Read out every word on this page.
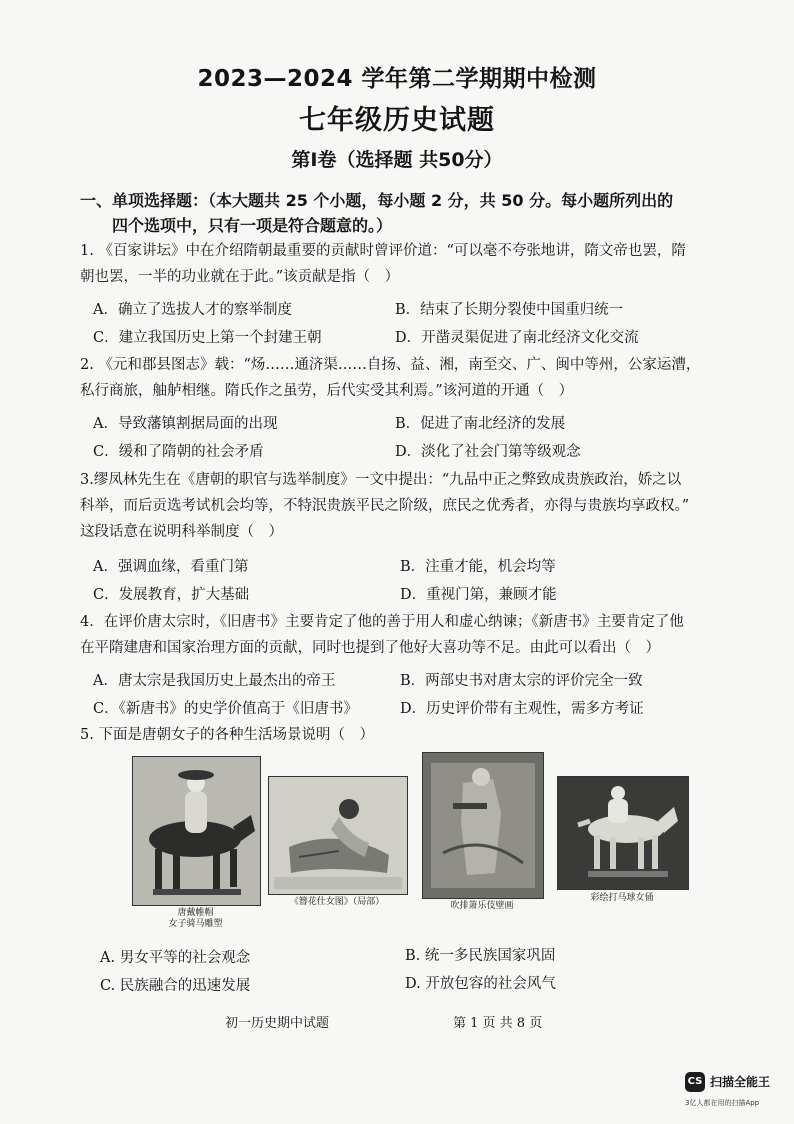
2023—2024 学年第二学期期中检测
七年级历史试题
第Ⅰ卷（选择题 共50分）
一、单项选择题：（本大题共 25 个小题，每小题 2 分，共 50 分。每小题所列出的
四个选项中，只有一项是符合题意的。）
1. 《百家讲坛》中在介绍隋朝最重要的贡献时曾评价道：“可以毫不夸张地讲，隋文帝也罢，隋
朝也罢，一半的功业就在于此。”该贡献是指（　）
A．确立了选拔人才的察举制度	B．结束了长期分裂使中国重归统一
C．建立我国历史上第一个封建王朝	D．开凿灵渠促进了南北经济文化交流
2. 《元和郡县图志》载：“炀……通济渠……自扬、益、湘，南至交、广、闽中等州，公家运漕，
私行商旅，舳舻相继。隋氏作之虽劳，后代实受其利焉。”该河道的开通（　）
A．导致藩镇割据局面的出现	B．促进了南北经济的发展
C．缓和了隋朝的社会矛盾	D．淡化了社会门第等级观念
3.缪凤林先生在《唐朝的职官与选举制度》一文中提出：“九品中正之弊致成贵族政治，娇之以
科举，而后贡选考试机会均等，不特泯贵族平民之阶级，庶民之优秀者，亦得与贵族均享政权。”
这段话意在说明科举制度（　）
A．强调血缘，看重门第	B．注重才能，机会均等
C．发展教育，扩大基础	D．重视门第，兼顾才能
4．在评价唐太宗时，《旧唐书》主要肯定了他的善于用人和虚心纳谏；《新唐书》主要肯定了他
在平隋建唐和国家治理方面的贡献，同时也提到了他好大喜功等不足。由此可以看出（　）
A．唐太宗是我国历史上最杰出的帝王	B．两部史书对唐太宗的评价完全一致
C．《新唐书》的史学价值高于《旧唐书》	D．历史评价带有主观性，需多方考证
5. 下面是唐朝女子的各种生活场景说明（　）
唐戴帷帽
女子骑马雕塑
《簪花仕女图》（局部）	吹排箫乐伎壁画
彩绘打马球女俑
A. 男女平等的社会观念	B. 统一多民族国家巩固
C. 民族融合的迅速发展	D. 开放包容的社会风气
初一历史期中试题	第 1 页 共 8 页
CS 扫描全能王
3亿人都在用的扫描App
